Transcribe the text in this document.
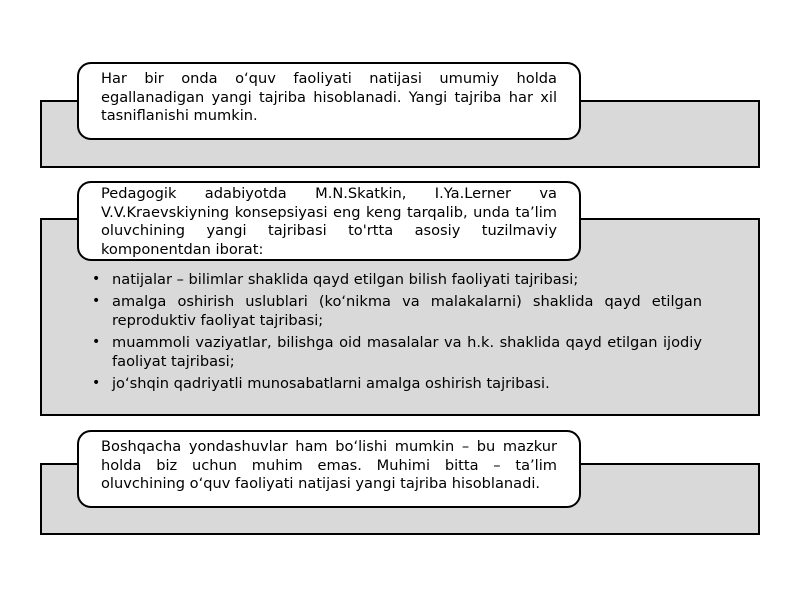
Har bir onda o‘quv faoliyati natijasi umumiy holda egallanadigan yangi tajriba hisoblanadi. Yangi tajriba har xil tasniflanishi mumkin.

Pedagogik adabiyotda M.N.Skatkin, I.Ya.Lerner va V.V.Kraevskiyning konsepsiyasi eng keng tarqalib, unda ta’lim oluvchining yangi tajribasi to'rtta asosiy tuzilmaviy komponentdan iborat:

• natijalar – bilimlar shaklida qayd etilgan bilish faoliyati tajribasi;
• amalga oshirish uslublari (ko‘nikma va malakalarni) shaklida qayd etilgan reproduktiv faoliyat tajribasi;
• muammoli vaziyatlar, bilishga oid masalalar va h.k. shaklida qayd etilgan ijodiy faoliyat tajribasi;
• jo‘shqin qadriyatli munosabatlarni amalga oshirish tajribasi.

Boshqacha yondashuvlar ham bo‘lishi mumkin – bu mazkur holda biz uchun muhim emas. Muhimi bitta – ta’lim oluvchining o‘quv faoliyati natijasi yangi tajriba hisoblanadi.
